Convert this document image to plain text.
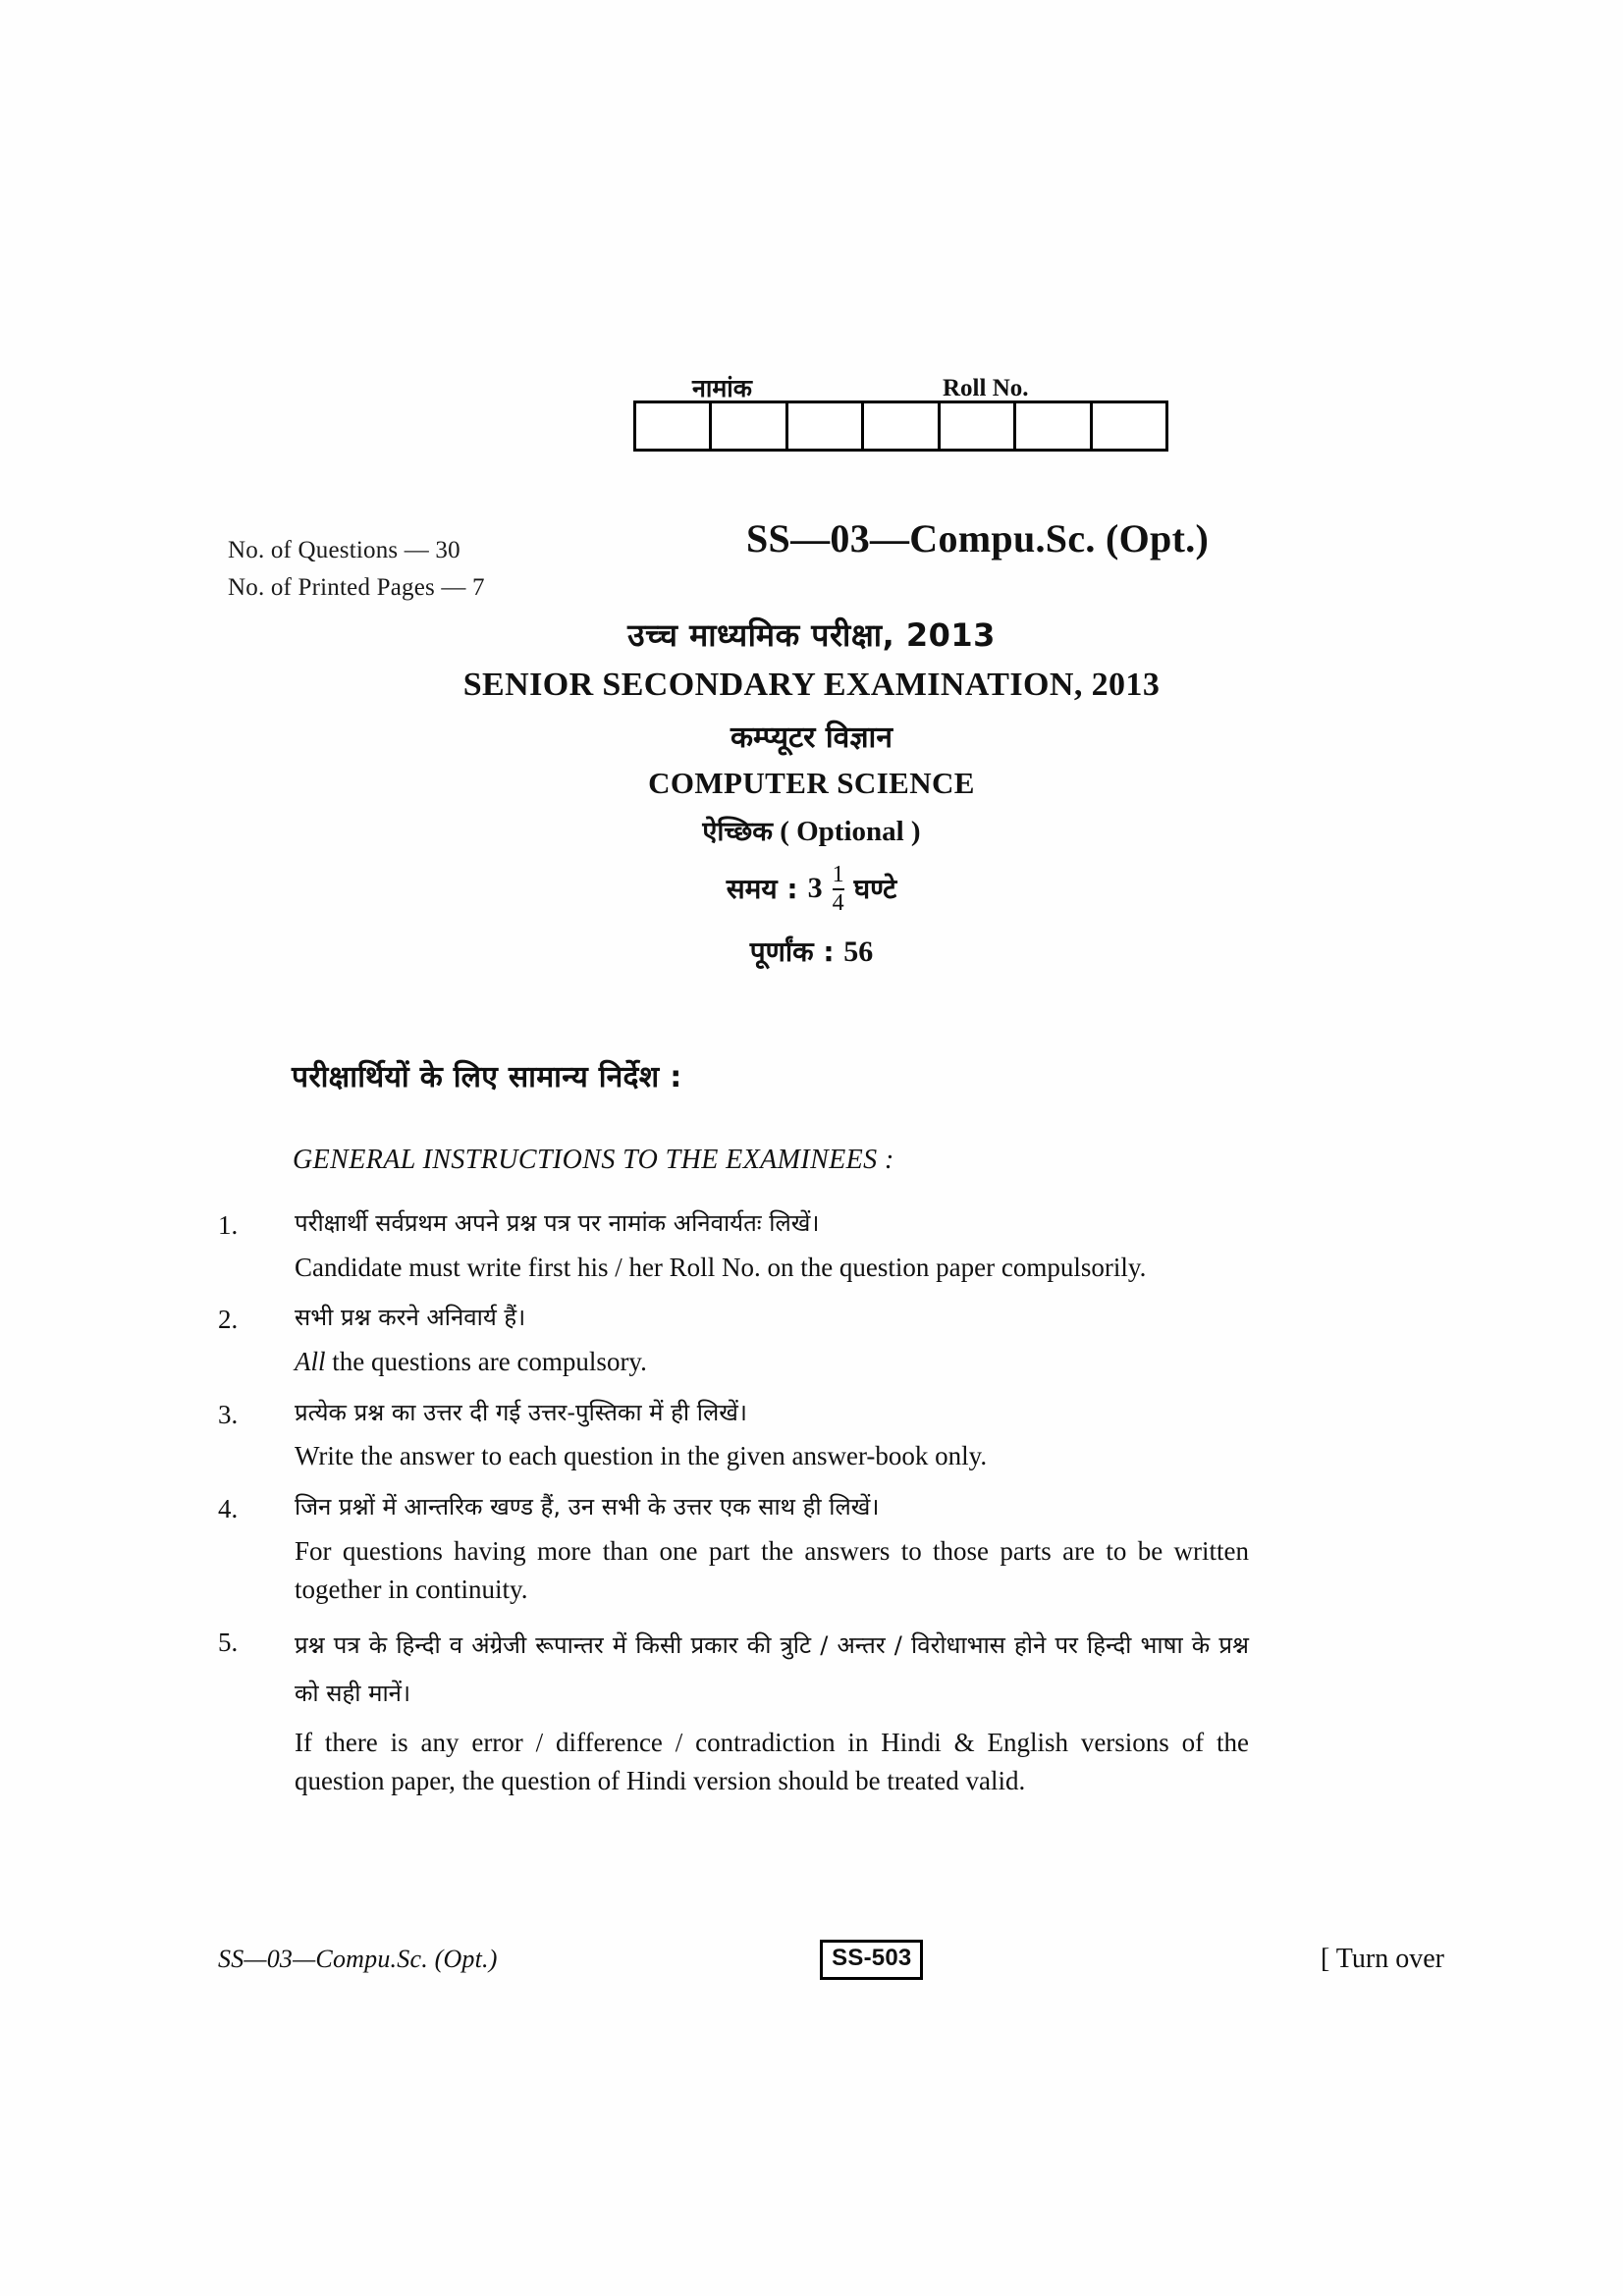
नामांक	Roll No.
No. of Questions — 30
No. of Printed Pages — 7
SS—03—Compu.Sc. (Opt.)
उच्च माध्यमिक परीक्षा, 2013
SENIOR SECONDARY EXAMINATION, 2013
कम्प्यूटर विज्ञान
COMPUTER SCIENCE
ऐच्छिक ( Optional )
समय : $3 \frac{1}{4}$ घण्टे
पूर्णांक : 56
परीक्षार्थियों के लिए सामान्य निर्देश :
GENERAL INSTRUCTIONS TO THE EXAMINEES :
1.	परीक्षार्थी सर्वप्रथम अपने प्रश्न पत्र पर नामांक अनिवार्यतः लिखें।
Candidate must write first his / her Roll No. on the question paper compulsorily.
2.	सभी प्रश्न करने अनिवार्य हैं।
All the questions are compulsory.
3.	प्रत्येक प्रश्न का उत्तर दी गई उत्तर-पुस्तिका में ही लिखें।
Write the answer to each question in the given answer-book only.
4.	जिन प्रश्नों में आन्तरिक खण्ड हैं, उन सभी के उत्तर एक साथ ही लिखें।
For questions having more than one part the answers to those parts are to be written together in continuity.
5.	प्रश्न पत्र के हिन्दी व अंग्रेजी रूपान्तर में किसी प्रकार की त्रुटि / अन्तर / विरोधाभास होने पर हिन्दी भाषा के प्रश्न को सही मानें।
If there is any error / difference / contradiction in Hindi & English versions of the question paper, the question of Hindi version should be treated valid.
SS—03—Compu.Sc. (Opt.)	SS-503	[ Turn over
